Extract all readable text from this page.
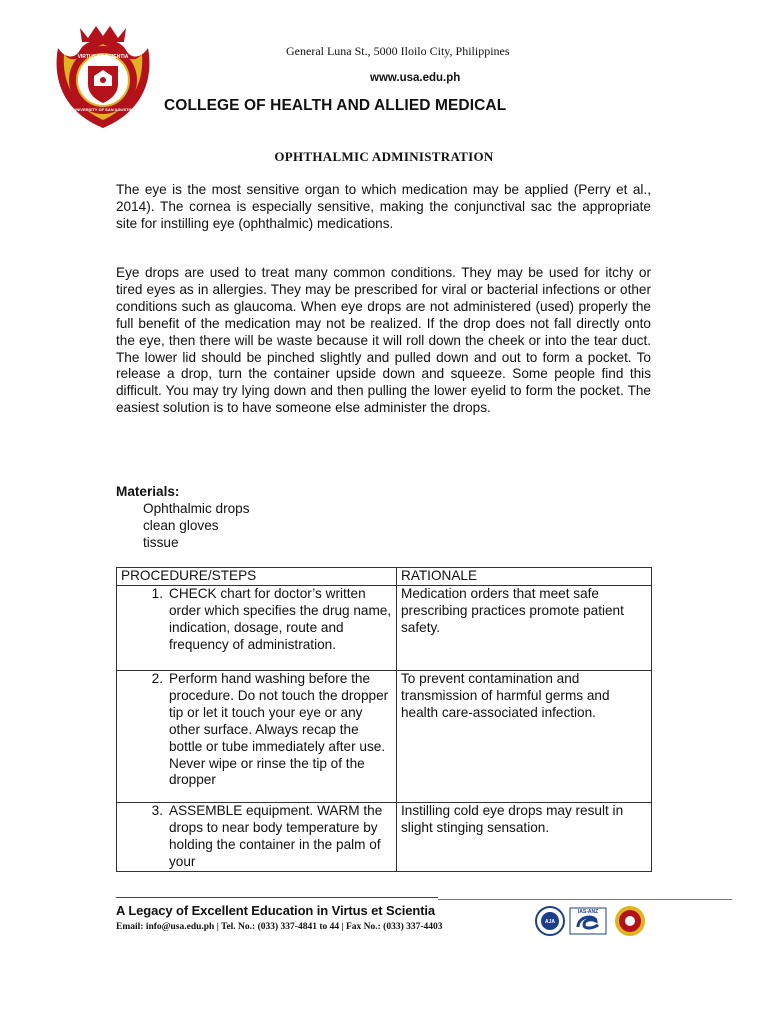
VIRTUS ET SCIENTIA
UNIVERSITY OF SAN AGUSTIN
General Luna St., 5000 Iloilo City, Philippines
www.usa.edu.ph
COLLEGE OF HEALTH AND ALLIED MEDICAL
OPHTHALMIC ADMINISTRATION
The eye is the most sensitive organ to which medication may be applied (Perry et al., 2014). The cornea is especially sensitive, making the conjunctival sac the appropriate site for instilling eye (ophthalmic) medications.
Eye drops are used to treat many common conditions. They may be used for itchy or tired eyes as in allergies. They may be prescribed for viral or bacterial infections or other conditions such as glaucoma. When eye drops are not administered (used) properly the full benefit of the medication may not be realized. If the drop does not fall directly onto the eye, then there will be waste because it will roll down the cheek or into the tear duct. The lower lid should be pinched slightly and pulled down and out to form a pocket. To release a drop, turn the container upside down and squeeze. Some people find this difficult. You may try lying down and then pulling the lower eyelid to form the pocket. The easiest solution is to have someone else administer the drops.
Materials:
Ophthalmic drops
clean gloves
tissue
PROCEDURE/STEPS	RATIONALE

1. CHECK chart for doctor’s written order which specifies the drug name, indication, dosage, route and frequency of administration.	Medication orders that meet safe prescribing practices promote patient safety.

2. Perform hand washing before the procedure. Do not touch the dropper tip or let it touch your eye or any other surface. Always recap the bottle or tube immediately after use. Never wipe or rinse the tip of the dropper	To prevent contamination and transmission of harmful germs and health care-associated infection.

3. ASSEMBLE equipment. WARM the drops to near body temperature by holding the container in the palm of your	Instilling cold eye drops may result in slight stinging sensation.
A Legacy of Excellent Education in Virtus et Scientia
Email: info@usa.edu.ph | Tel. No.: (033) 337-4841 to 44 | Fax No.: (033) 337-4403	AJA
IAS-ANZ
